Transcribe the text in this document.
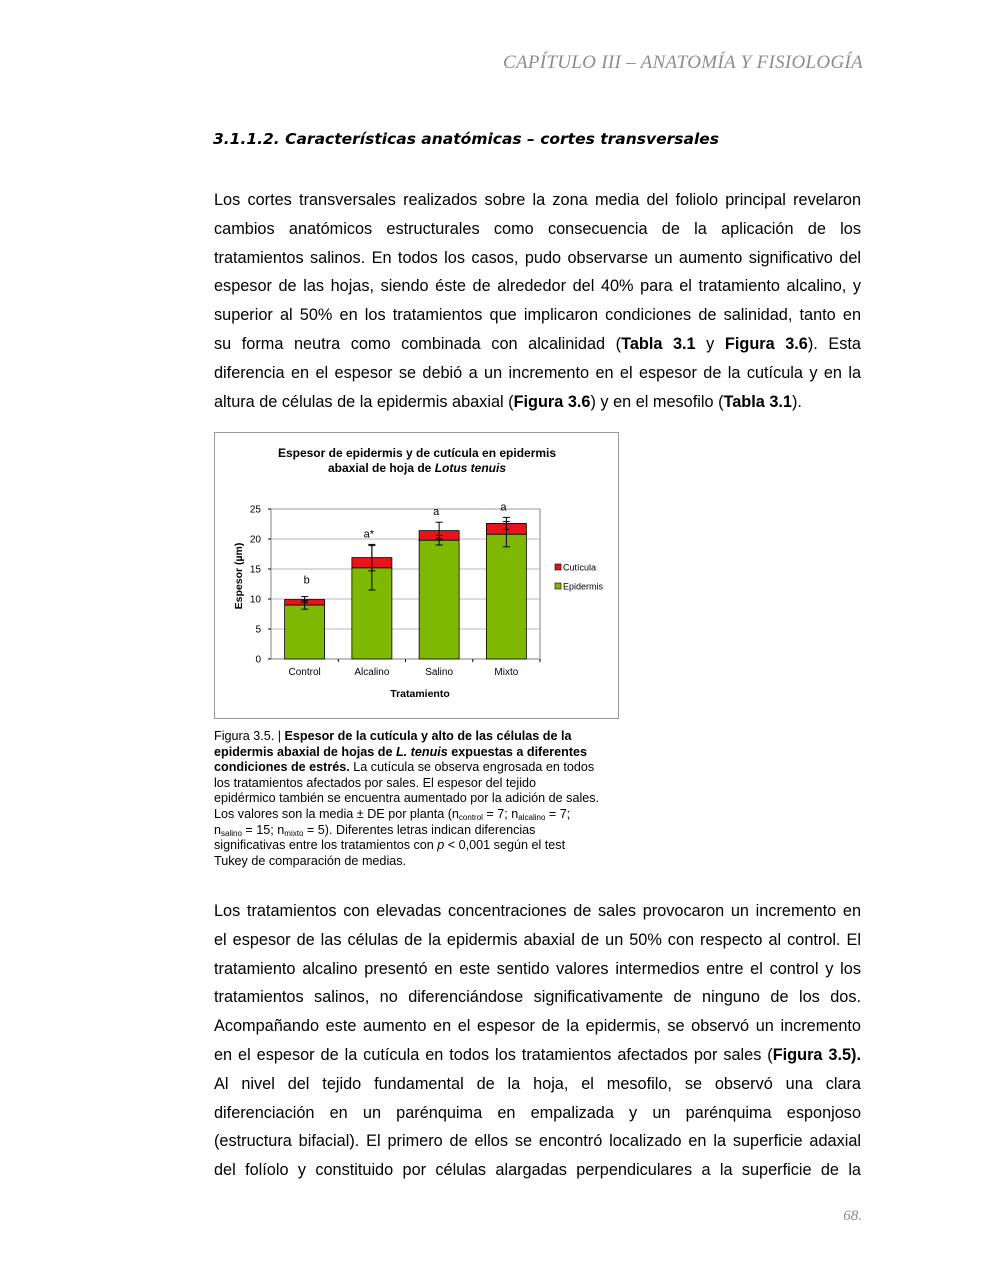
CAPÍTULO III – ANATOMÍA Y FISIOLOGÍA
3.1.1.2. Características anatómicas – cortes transversales

Los cortes transversales realizados sobre la zona media del foliolo principal revelaron
cambios anatómicos estructurales como consecuencia de la aplicación de los
tratamientos salinos. En todos los casos, pudo observarse un aumento significativo del
espesor de las hojas, siendo éste de alrededor del 40% para el tratamiento alcalino, y
superior al 50% en los tratamientos que implicaron condiciones de salinidad, tanto en
su forma neutra como combinada con alcalinidad (Tabla 3.1 y Figura 3.6). Esta
diferencia en el espesor se debió a un incremento en el espesor de la cutícula y en la
altura de células de la epidermis abaxial (Figura 3.6) y en el mesofilo (Tabla 3.1).

Espesor de epidermis y de cutícula en epidermis
abaxial de hoja de Lotus tenuis
Espesor (µm)
Tratamiento
b
a*
a	a
0
5
10
15
20
25
Control	Alcalino	Salino	Mixto
Cutícula
Epidermis

Figura 3.5. | Espesor de la cutícula y alto de las células de la
epidermis abaxial de hojas de L. tenuis expuestas a diferentes
condiciones de estrés. La cutícula se observa engrosada en todos
los tratamientos afectados por sales. El espesor del tejido
epidérmico también se encuentra aumentado por la adición de sales.
Los valores son la media ± DE por planta ($n_{control} = 7$; $n_{alcalino} = 7$;
$n_{salino} = 15$; $n_{mixto} = 5$). Diferentes letras indican diferencias
significativas entre los tratamientos con p < 0,001 según el test
Tukey de comparación de medias.

Los tratamientos con elevadas concentraciones de sales provocaron un incremento en
el espesor de las células de la epidermis abaxial de un 50% con respecto al control. El
tratamiento alcalino presentó en este sentido valores intermedios entre el control y los
tratamientos salinos, no diferenciándose significativamente de ninguno de los dos.
Acompañando este aumento en el espesor de la epidermis, se observó un incremento
en el espesor de la cutícula en todos los tratamientos afectados por sales (Figura 3.5).
Al nivel del tejido fundamental de la hoja, el mesofilo, se observó una clara
diferenciación en un parénquima en empalizada y un parénquima esponjoso
(estructura bifacial). El primero de ellos se encontró localizado en la superficie adaxial
del folíolo y constituido por células alargadas perpendiculares a la superficie de la

68.
